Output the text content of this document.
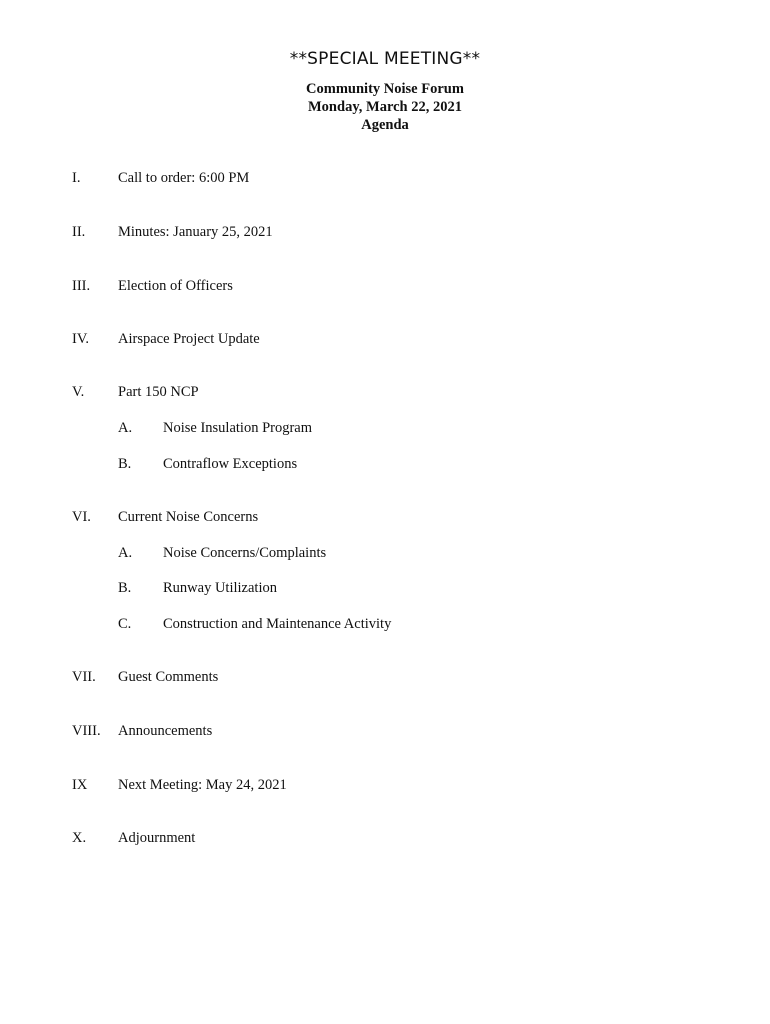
**SPECIAL MEETING**
Community Noise Forum
Monday, March 22, 2021
Agenda
I.	Call to order: 6:00 PM
II. Minutes: January 25, 2021
III. Election of Officers
IV. Airspace Project Update
V. Part 150 NCP
A. Noise Insulation Program
B. Contraflow Exceptions
VI. Current Noise Concerns
A. Noise Concerns/Complaints
B. Runway Utilization
C. Construction and Maintenance Activity
VII. Guest Comments
VIII. Announcements
IX Next Meeting: May 24, 2021
X. Adjournment
